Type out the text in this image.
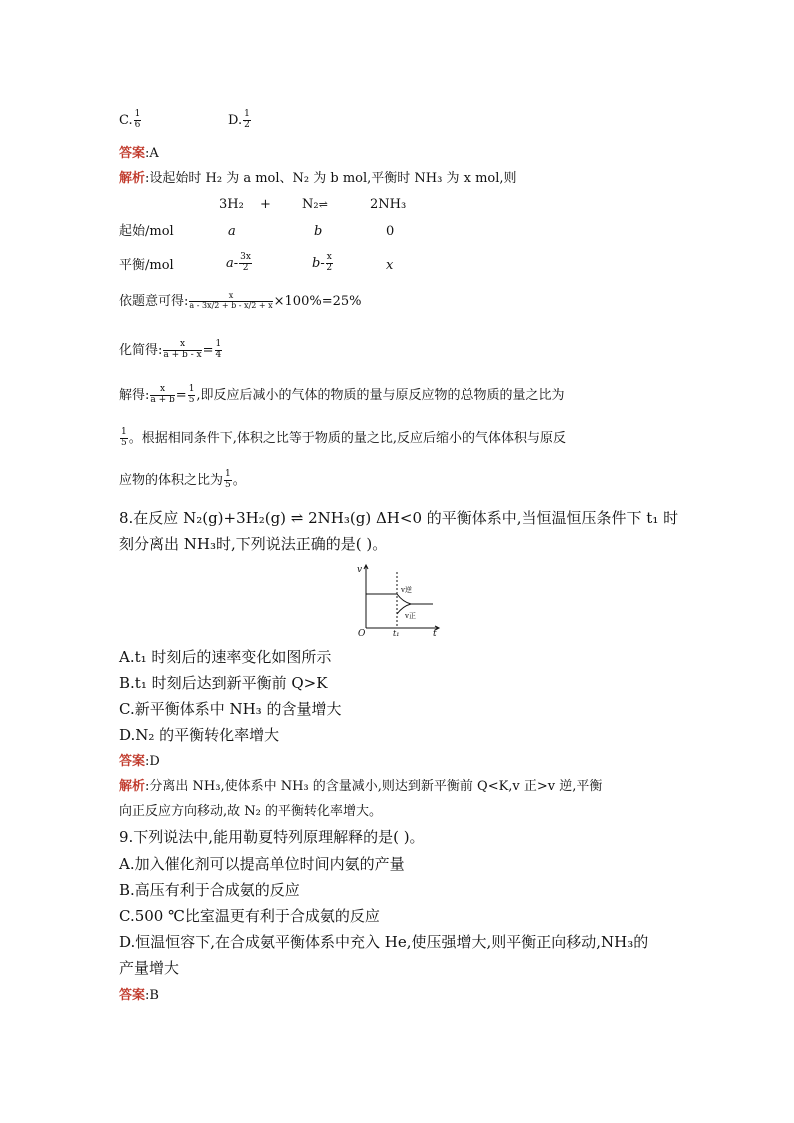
C. $\frac{1}{6}$	D. $\frac{1}{2}$
答案:A
解析:设起始时 H₂ 为 a mol、N₂ 为 b mol,平衡时 NH₃ 为 x mol,则
3H₂ + N₂⇌	2NH₃
起始/mol	a	b	0
平衡/mol	$a- \frac{3x}{2}$	$b- \frac{x}{2}$	x
依题意可得: $\frac{x}{a - 3x/2 + b - x/2 + x} \times 100\%=25\%$
化简得: $\frac{x}{a + b - x} = \frac{1}{4}$
解得: $\frac{x}{a + b} = \frac{1}{5}$ ,即反应后减小的气体的物质的量与原反应物的总物质的量之比为
$\frac{1}{5}$ 。根据相同条件下,体积之比等于物质的量之比,反应后缩小的气体体积与原反
应物的体积之比为 $\frac{1}{5}$ 。
8.在反应 N₂(g)+3H₂(g) ⇌ 2NH₃(g) ΔH<0 的平衡体系中,当恒温恒压条件下 t₁ 时
刻分离出 NH₃时,下列说法正确的是( )。
v
O	t₁	t
v逆
v正
A.t₁ 时刻后的速率变化如图所示
B.t₁ 时刻后达到新平衡前 Q>K
C.新平衡体系中 NH₃ 的含量增大
D.N₂ 的平衡转化率增大
答案:D
解析:分离出 NH₃,使体系中 NH₃ 的含量减小,则达到新平衡前 Q<K,v 正>v 逆,平衡
向正反应方向移动,故 N₂ 的平衡转化率增大。
9.下列说法中,能用勒夏特列原理解释的是( )。
A.加入催化剂可以提高单位时间内氨的产量
B.高压有利于合成氨的反应
C.500 ℃比室温更有利于合成氨的反应
D.恒温恒容下,在合成氨平衡体系中充入 He,使压强增大,则平衡正向移动,NH₃的
产量增大
答案:B
